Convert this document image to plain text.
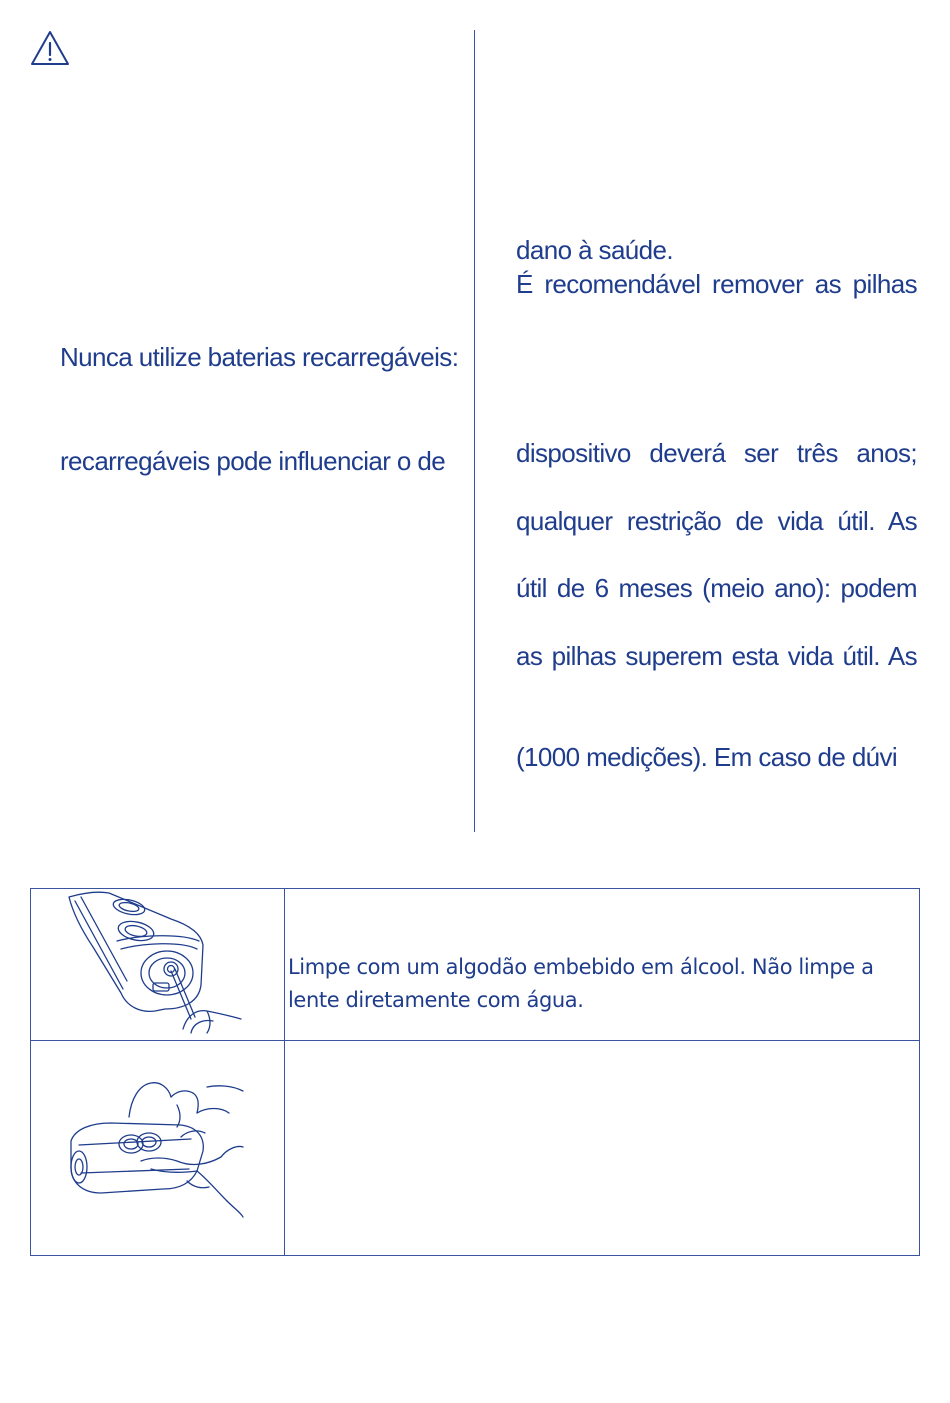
Nunca utilize baterias recarregáveis:
recarregáveis pode influenciar o de
dano à saúde.
É recomendável remover as pilhas
dispositivo deverá ser três anos;
qualquer restrição de vida útil. As
útil de 6 meses (meio ano): podem
as pilhas superem esta vida útil. As
(1000 medições). Em caso de dúvi
Limpe com um algodão embebido em álcool. Não limpe a lente diretamente com água.
